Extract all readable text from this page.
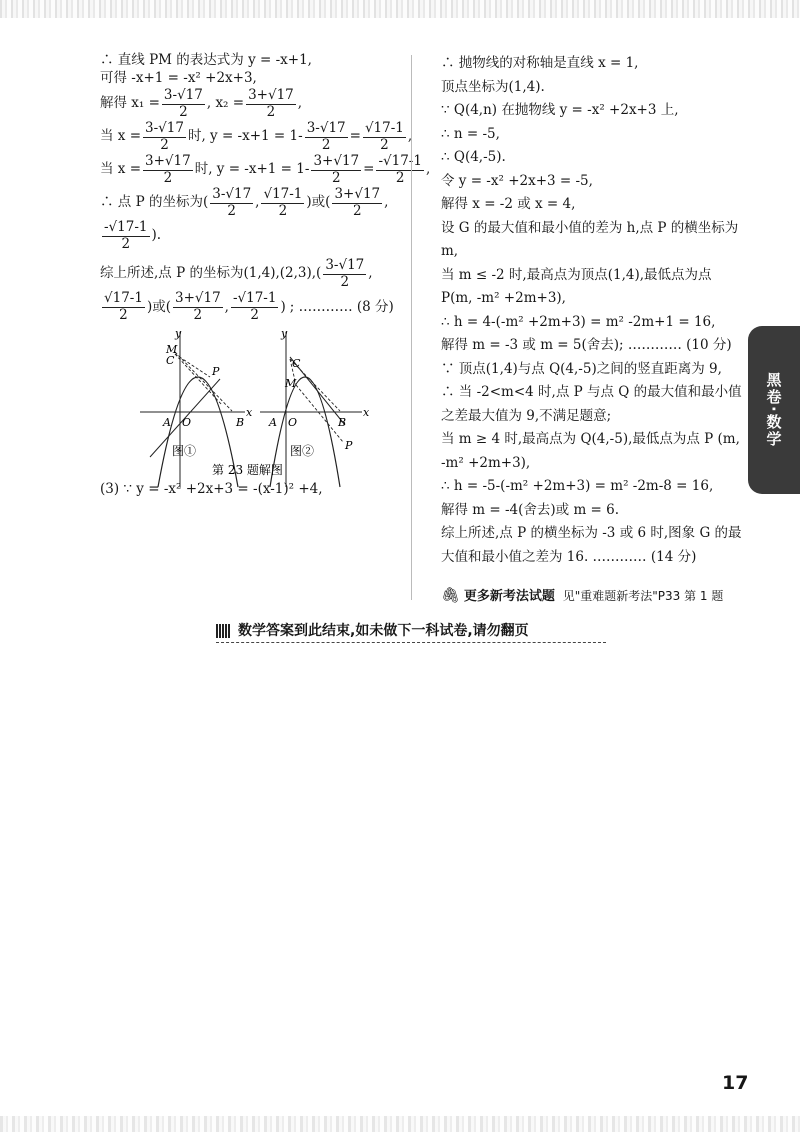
∴ 直线 PM 的表达式为 y = -x+1,
可得 -x+1 = -x² +2x+3,
解得 $x_1 = \frac{3-√17}{2}$ , $x_2 = \frac{3+√17}{2}$ ,
当 $x = \frac{3-√17}{2}$ 时, $y = -x+1 = 1- \frac{3-√17}{2} = \frac{√17-1}{2}$ ,
当 $x = \frac{3+√17}{2}$ 时, $y = -x+1 = 1- \frac{3+√17}{2} = \frac{-√17-1}{2}$ ,
∴ 点 P 的坐标为(
3-√17
2
,
√17-1
2
)或(
3+√17
2
,
-√17-1
2
).
综上所述,点 P 的坐标为(1,4),(2,3),(
3-√17
2
,
√17-1
2
)或(
3+√17
2
,
-√17-1
2
) ; ………… (8 分)
y
x
M
C
P
A O	B
y
x
C
M
A O	B
P
图①	图②
第 23 题解图
(3) ∵ y = -x² +2x+3 = -(x-1)² +4,
∴ 抛物线的对称轴是直线 x = 1,
顶点坐标为(1,4).
∵ Q(4,n) 在抛物线 y = -x² +2x+3 上,
∴ n = -5,
∴ Q(4,-5).
令 y = -x² +2x+3 = -5,
解得 x = -2 或 x = 4,
设 G 的最大值和最小值的差为 h,点 P 的横坐标为 m,
当 m ≤ -2 时,最高点为顶点(1,4),最低点为点 P(m, -m² +2m+3),
∴ h = 4-(-m² +2m+3) = m² -2m+1 = 16,
解得 m = -3 或 m = 5(舍去); ………… (10 分)
∵ 顶点(1,4)与点 Q(4,-5)之间的竖直距离为 9,
∴ 当 -2<m<4 时,点 P 与点 Q 的最大值和最小值之差最大值为 9,不满足题意;
当 m ≥ 4 时,最高点为 Q(4,-5),最低点为点 P (m, -m² +2m+3),
∴ h = -5-(-m² +2m+3) = m² -2m-8 = 16,
解得 m = -4(舍去)或 m = 6.
综上所述,点 P 的横坐标为 -3 或 6 时,图象 G 的最大值和最小值之差为 16. ………… (14 分)
🖇 更多新考法试题 见"重难题新考法"P33 第 1 题
数学答案到此结束,如未做下一科试卷,请勿翻页
黑卷·数学
17
